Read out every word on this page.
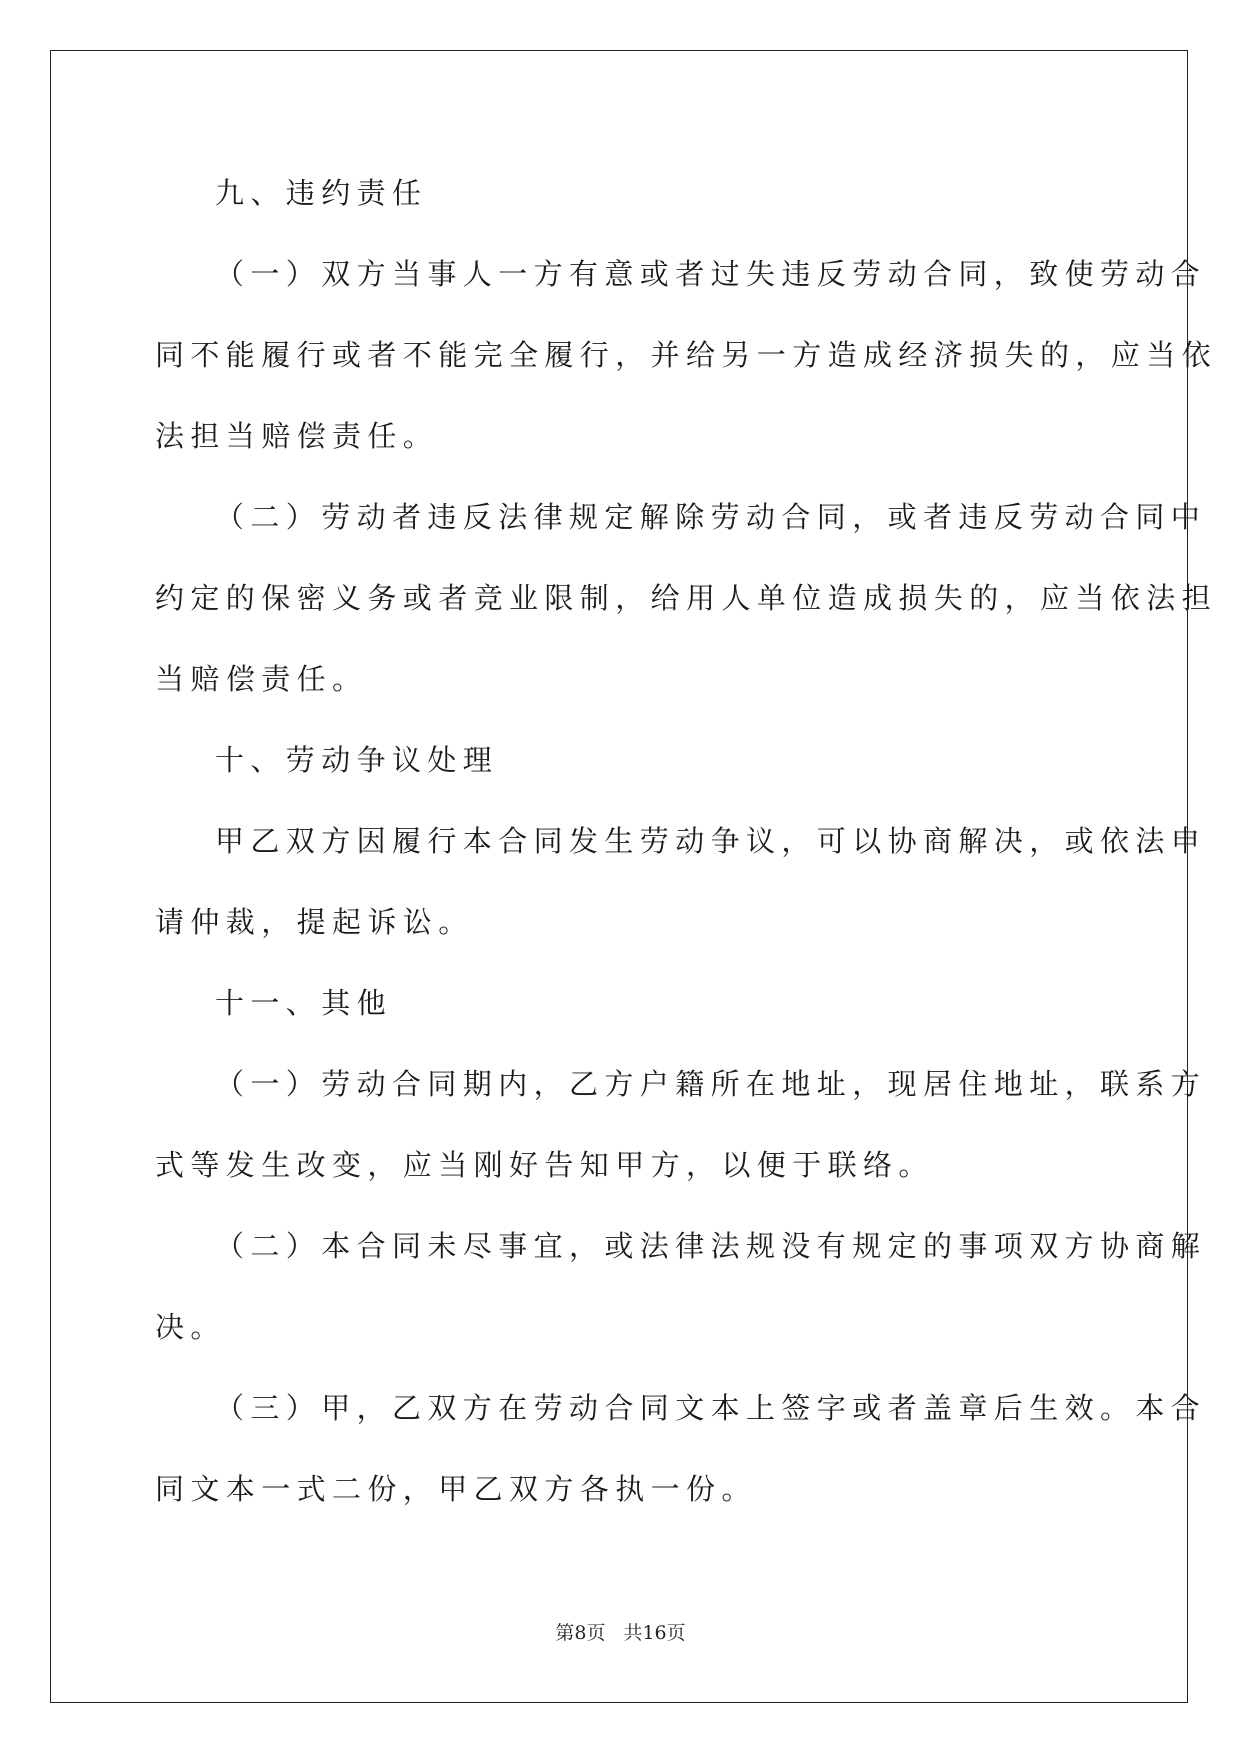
九、违约责任
（一）双方当事人一方有意或者过失违反劳动合同，致使劳动合
同不能履行或者不能完全履行，并给另一方造成经济损失的，应当依
法担当赔偿责任。
（二）劳动者违反法律规定解除劳动合同，或者违反劳动合同中
约定的保密义务或者竞业限制，给用人单位造成损失的，应当依法担
当赔偿责任。
十、劳动争议处理
甲乙双方因履行本合同发生劳动争议，可以协商解决，或依法申
请仲裁，提起诉讼。
十一、其他
（一）劳动合同期内，乙方户籍所在地址，现居住地址，联系方
式等发生改变，应当刚好告知甲方，以便于联络。
（二）本合同未尽事宜，或法律法规没有规定的事项双方协商解
决。
（三）甲，乙双方在劳动合同文本上签字或者盖章后生效。本合
同文本一式二份，甲乙双方各执一份。
第8页 共16页
